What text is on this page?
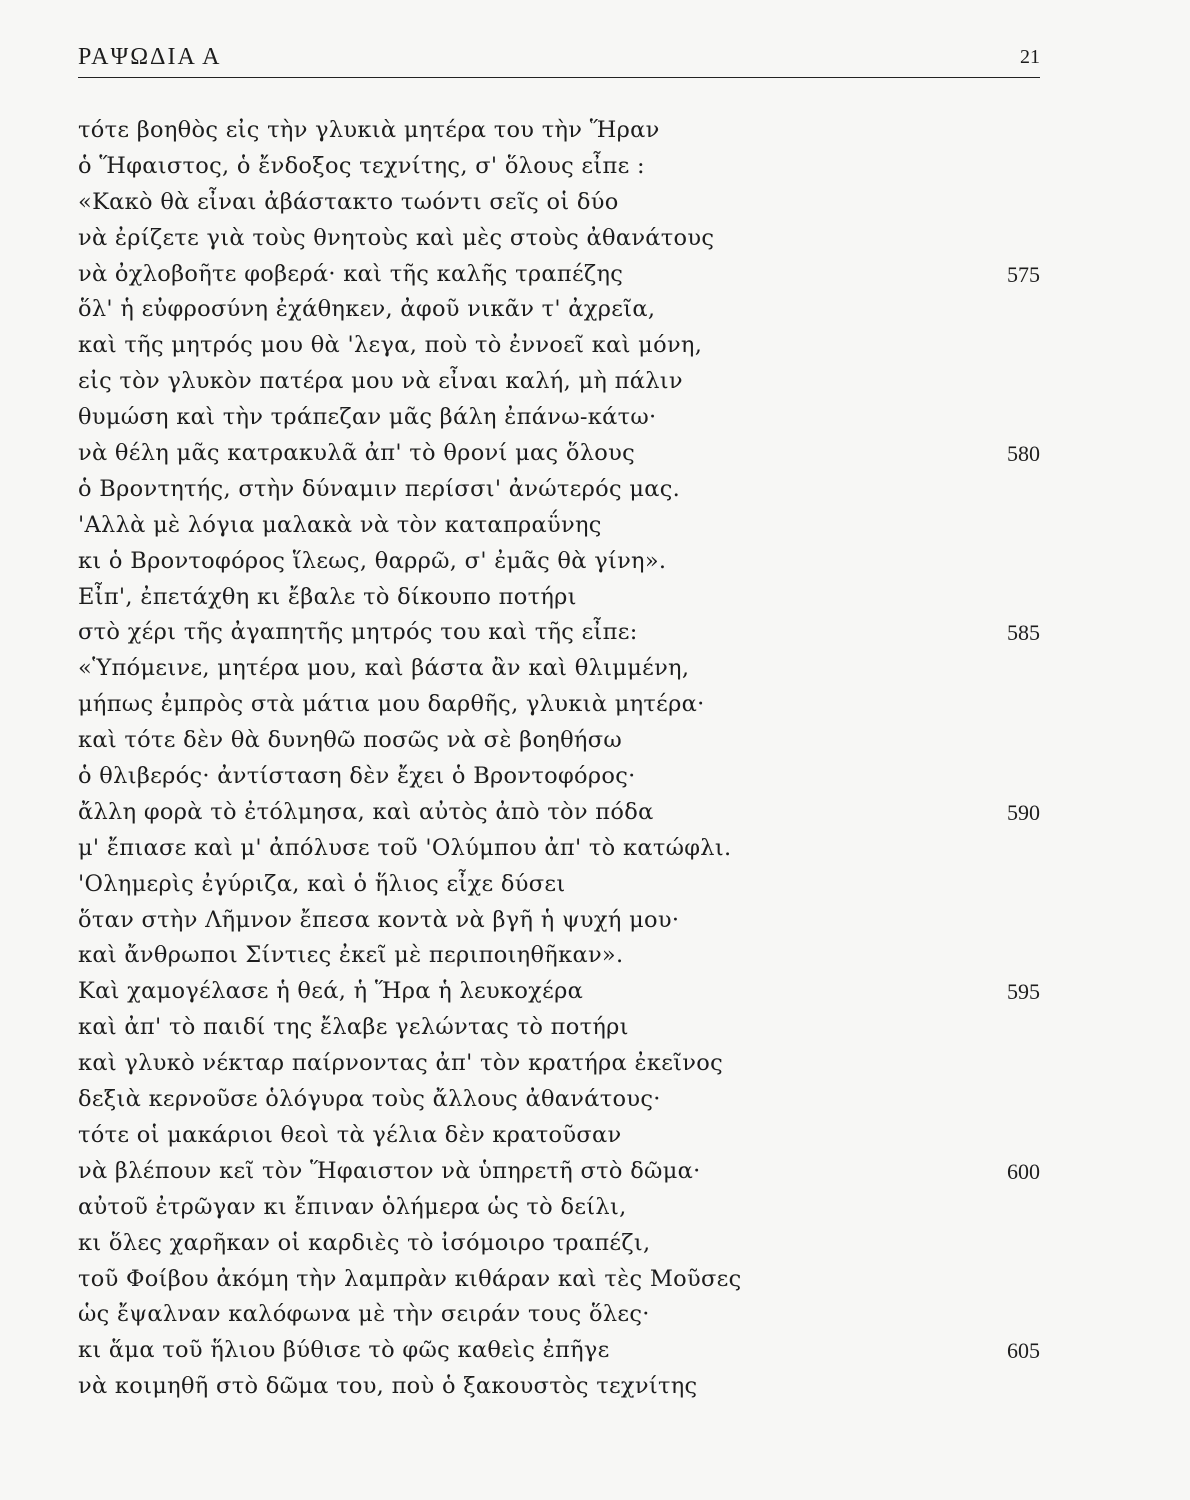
ΡΑΨΩΔΙΑ Α	21
τότε βοηθὸς εἰς τὴν γλυκιὰ μητέρα του τὴν Ἥραν
ὁ Ἥφαιστος, ὁ ἔνδοξος τεχνίτης, σ' ὅλους εἶπε :
«Κακὸ θὰ εἶναι ἀβάστακτο τωόντι σεῖς οἱ δύο
νὰ ἐρίζετε γιὰ τοὺς θνητοὺς καὶ μὲς στοὺς ἀθανάτους
νὰ ὀχλοβοῆτε φοβερά· καὶ τῆς καλῆς τραπέζης	575
ὅλ' ἡ εὐφροσύνη ἐχάθηκεν, ἀφοῦ νικᾶν τ' ἀχρεῖα,
καὶ τῆς μητρός μου θὰ 'λεγα, ποὺ τὸ ἐννοεῖ καὶ μόνη,
εἰς τὸν γλυκὸν πατέρα μου νὰ εἶναι καλή, μὴ πάλιν
θυμώση καὶ τὴν τράπεζαν μᾶς βάλη ἐπάνω-κάτω·
νὰ θέλη μᾶς κατρακυλᾶ ἀπ' τὸ θρονί μας ὅλους	580
ὁ Βροντητής, στὴν δύναμιν περίσσι' ἀνώτερός μας.
'Αλλὰ μὲ λόγια μαλακὰ νὰ τὸν καταπραΰνης
κι ὁ Βροντοφόρος ἵλεως, θαρρῶ, σ' ἐμᾶς θὰ γίνη».
Εἶπ', ἐπετάχθη κι ἔβαλε τὸ δίκουπο ποτήρι
στὸ χέρι τῆς ἀγαπητῆς μητρός του καὶ τῆς εἶπε:	585
«Ὑπόμεινε, μητέρα μου, καὶ βάστα ἂν καὶ θλιμμένη,
μήπως ἐμπρὸς στὰ μάτια μου δαρθῆς, γλυκιὰ μητέρα·
καὶ τότε δὲν θὰ δυνηθῶ ποσῶς νὰ σὲ βοηθήσω
ὁ θλιβερός· ἀντίσταση δὲν ἔχει ὁ Βροντοφόρος·
ἄλλη φορὰ τὸ ἐτόλμησα, καὶ αὐτὸς ἀπὸ τὸν πόδα	590
μ' ἔπιασε καὶ μ' ἀπόλυσε τοῦ 'Ολύμπου ἀπ' τὸ κατώφλι.
'Ολημερὶς ἐγύριζα, καὶ ὁ ἥλιος εἶχε δύσει
ὅταν στὴν Λῆμνον ἔπεσα κοντὰ νὰ βγῆ ἡ ψυχή μου·
καὶ ἄνθρωποι Σίντιες ἐκεῖ μὲ περιποιηθῆκαν».
Καὶ χαμογέλασε ἡ θεά, ἡ Ἥρα ἡ λευκοχέρα	595
καὶ ἀπ' τὸ παιδί της ἔλαβε γελώντας τὸ ποτήρι
καὶ γλυκὸ νέκταρ παίρνοντας ἀπ' τὸν κρατήρα ἐκεῖνος
δεξιὰ κερνοῦσε ὁλόγυρα τοὺς ἄλλους ἀθανάτους·
τότε οἱ μακάριοι θεοὶ τὰ γέλια δὲν κρατοῦσαν
νὰ βλέπουν κεῖ τὸν Ἥφαιστον νὰ ὑπηρετῆ στὸ δῶμα·	600
αὐτοῦ ἐτρῶγαν κι ἔπιναν ὁλήμερα ὡς τὸ δείλι,
κι ὅλες χαρῆκαν οἱ καρδιὲς τὸ ἰσόμοιρο τραπέζι,
τοῦ Φοίβου ἀκόμη τὴν λαμπρὰν κιθάραν καὶ τὲς Μοῦσες
ὡς ἔψαλναν καλόφωνα μὲ τὴν σειράν τους ὅλες·
κι ἅμα τοῦ ἥλιου βύθισε τὸ φῶς καθεὶς ἐπῆγε	605
νὰ κοιμηθῆ στὸ δῶμα του, ποὺ ὁ ξακουστὸς τεχνίτης
